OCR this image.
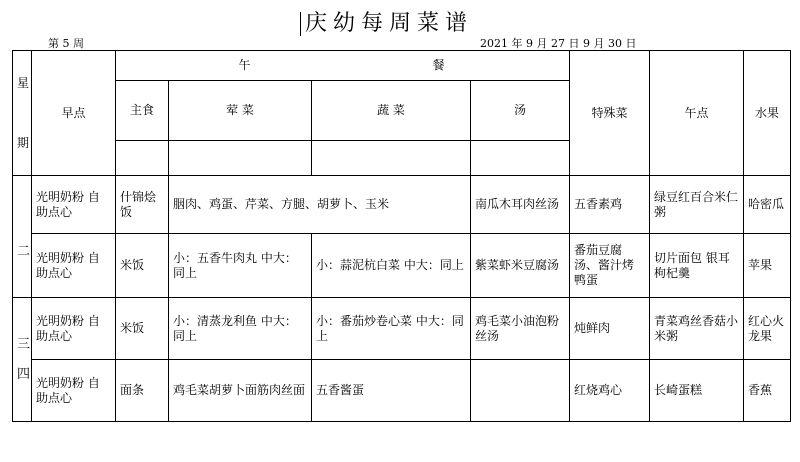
庆幼每周菜谱
第 5 周	2021 年 9 月 27 日 9 月 30 日
星

期	早点	午 餐				特殊菜	午点	水果
		主食	荤 菜	蔬 菜	汤			

二	光明奶粉 自助点心	什锦烩饭	胭肉、鸡蛋、芹菜、方腿、胡萝卜、玉米		南瓜木耳肉丝汤	五香素鸡	绿豆红百合米仁粥	哈密瓜
	光明奶粉 自助点心	米饭	小：五香牛肉丸 中大：同上	小：蒜泥杭白菜 中大：同上	紫菜虾米豆腐汤	番茄豆腐汤、酱汁烤鸭蛋	切片面包 银耳枸杞羹	苹果
三

四	光明奶粉 自助点心	米饭	小：清蒸龙利鱼 中大：同上	小：番茄炒卷心菜 中大：同上	鸡毛菜小油泡粉丝汤	炖鲜肉	青菜鸡丝香菇小米粥	红心火龙果
	光明奶粉 自助点心	面条	鸡毛菜胡萝卜面筋肉丝面	五香酱蛋		红烧鸡心	长崎蛋糕	香蕉
